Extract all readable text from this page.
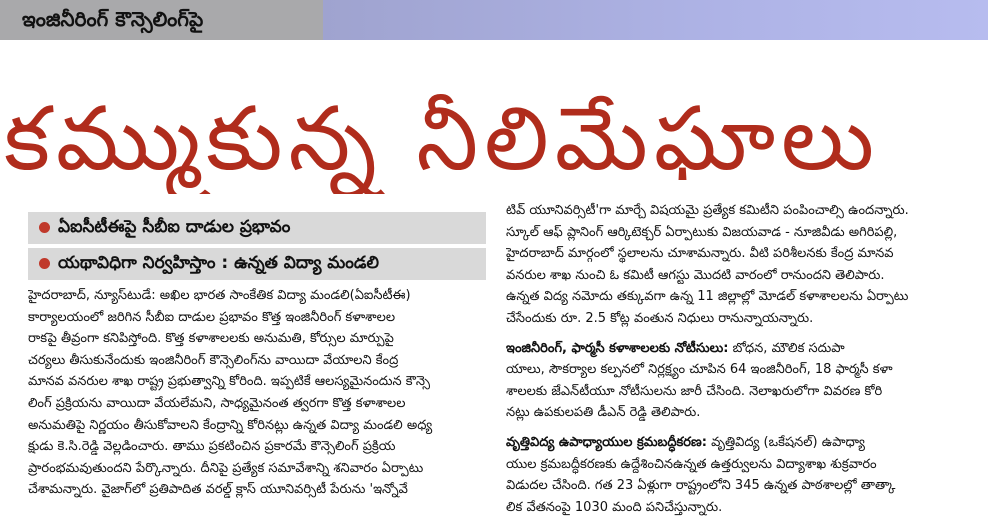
ఇంజినీరింగ్ కౌన్సెలింగ్‌పై
కమ్ముకున్న నీలిమేఘాలు
ఏఐసీటీఈపై సీబీఐ దాడుల ప్రభావం
యథావిధిగా నిర్వహిస్తాం : ఉన్నత విద్యా మండలి
హైదరాబాద్, న్యూస్‌టుడే: అఖిల భారత సాంకేతిక విద్యా మండలి(ఏఐసీటీఈ)
కార్యాలయంలో జరిగిన సీబీఐ దాడుల ప్రభావం కొత్త ఇంజినీరింగ్ కళాశాలల
రాకపై తీవ్రంగా కనిపిస్తోంది. కొత్త కళాశాలలకు అనుమతి, కోర్సుల మార్పుపై
చర్యలు తీసుకునేందుకు ఇంజినీరింగ్ కౌన్సెలింగ్‌ను వాయిదా వేయాలని కేంద్ర
మానవ వనరుల శాఖ రాష్ట్ర ప్రభుత్వాన్ని కోరింది. ఇప్పటికే ఆలస్యమైనందున కౌన్సె
లింగ్ ప్రక్రియను వాయిదా వేయలేమని, సాధ్యమైనంత త్వరగా కొత్త కళాశాలల
అనుమతిపై నిర్ణయం తీసుకోవాలని కేంద్రాన్ని కోరినట్లు ఉన్నత విద్యా మండలి అధ్య
క్షుడు కె.సి.రెడ్డి వెల్లడించారు. తాము ప్రకటించిన ప్రకారమే కౌన్సెలింగ్ ప్రక్రియ
ప్రారంభమవుతుందని పేర్కొన్నారు. దీనిపై ప్రత్యేక సమావేశాన్ని శనివారం ఏర్పాటు
చేశామన్నారు. వైజాగ్‌లో ప్రతిపాదిత వరల్డ్ క్లాస్ యూనివర్సిటీ పేరును 'ఇన్నోవే
టివ్ యూనివర్సిటీ'గా మార్చే విషయమై ప్రత్యేక కమిటీని పంపించాల్సి ఉందన్నారు.
స్కూల్ ఆఫ్ ప్లానింగ్ ఆర్కిటెక్చర్ ఏర్పాటుకు విజయవాడ - నూజివీడు అగిరిపల్లి,
హైదరాబాద్ మార్గంలో స్థలాలను చూశామన్నారు. వీటి పరిశీలనకు కేంద్ర మానవ
వనరుల శాఖ నుంచి ఓ కమిటీ ఆగస్టు మొదటి వారంలో రానుందని తెలిపారు.
ఉన్నత విద్య నమోదు తక్కువగా ఉన్న 11 జిల్లాల్లో మోడల్ కళాశాలలను ఏర్పాటు
చేసేందుకు రూ. 2.5 కోట్ల వంతున నిధులు రానున్నాయన్నారు.
ఇంజినీరింగ్, ఫార్మసీ కళాశాలలకు నోటీసులు: బోధన, మౌలిక సదుపా
యాలు, సౌకర్యాల కల్పనలో నిర్లక్ష్యం చూపిన 64 ఇంజినీరింగ్, 18 ఫార్మసీ కళా
శాలలకు జేఎన్‌టీయూ నోటీసులను జారీ చేసింది. నెలాఖరులోగా వివరణ కోరి
నట్లు ఉపకులపతి డీఎన్ రెడ్డి తెలిపారు.
వృత్తివిద్య ఉపాధ్యాయుల క్రమబద్ధీకరణ: వృత్తివిద్య (ఒకేషనల్) ఉపాధ్యా
యుల క్రమబద్ధీకరణకు ఉద్దేశించినఉన్నత ఉత్తర్వులను విద్యాశాఖ శుక్రవారం
విడుదల చేసింది. గత 23 ఏళ్లుగా రాష్ట్రంలోని 345 ఉన్నత పాఠశాలల్లో తాత్కా
లిక వేతనంపై 1030 మంది పనిచేస్తున్నారు.
